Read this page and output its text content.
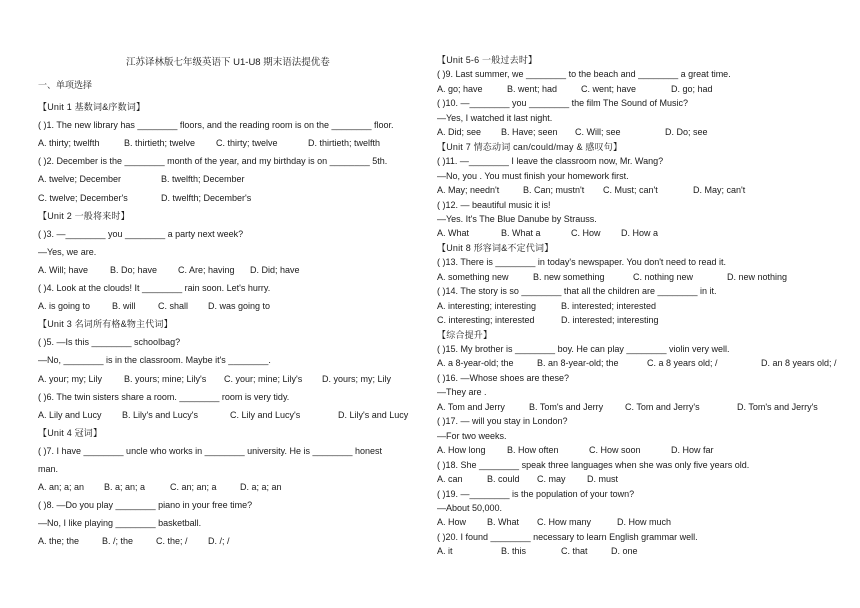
江苏译林版七年级英语下 U1-U8 期末语法提优卷
一、单项选择
【Unit 1 基数词&序数词】
( )1. The new library has ________ floors, and the reading room is on the ________ floor.
A. thirty; twelfth	B. thirtieth; twelve C. thirty; twelve	D. thirtieth; twelfth
( )2. December is the ________ month of the year, and my birthday is on ________ 5th.
A. twelve; December	B. twelfth; December
C. twelve; December's	D. twelfth; December's
【Unit 2 一般将来时】
( )3. —________ you ________ a party next week?
—Yes, we are.
A. Will; have B. Do; have C. Are; having D. Did; have
( )4. Look at the clouds! It ________ rain soon. Let's hurry.
A. is going to B. will C. shall D. was going to
【Unit 3 名词所有格&物主代词】
( )5. —Is this ________ schoolbag?
—No, ________ is in the classroom. Maybe it's ________.
A. your; my; Lily B. yours; mine; Lily's C. your; mine; Lily's D. yours; my; Lily
( )6. The twin sisters share a room. ________ room is very tidy.
A. Lily and Lucy B. Lily's and Lucy's	C. Lily and Lucy's	D. Lily's and Lucy
【Unit 4 冠词】
( )7. I have ________ uncle who works in ________ university. He is ________ honest
man.
A. an; a; an B. a; an; a	C. an; an; a	D. a; a; an
( )8. —Do you play ________ piano in your free time?
—No, I like playing ________ basketball.
A. the; the	B. /; the	C. the; / D. /; /
【Unit 5-6 一般过去时】
( )9. Last summer, we ________ to the beach and ________ a great time.
A. go; have	B. went; had	C. went; have	D. go; had
( )10. —________ you ________ the film The Sound of Music?
—Yes, I watched it last night.
A. Did; see B. Have; seen C. Will; see	D. Do; see
【Unit 7 情态动词 can/could/may & 感叹句】
( )11. —________ I leave the classroom now, Mr. Wang?
—No, you . You must finish your homework first.
A. May; needn't	B. Can; mustn't C. Must; can't	D. May; can't
( )12. — beautiful music it is!
—Yes. It's The Blue Danube by Strauss.
A. What	B. What a	C. How D. How a
【Unit 8 形容词&不定代词】
( )13. There is ________ in today's newspaper. You don't need to read it.
A. something new	B. new something	C. nothing new	D. new nothing
( )14. The story is so ________ that all the children are ________ in it.
A. interesting; interesting	B. interested; interested
C. interesting; interested	D. interested; interesting
【综合提升】
( )15. My brother is ________ boy. He can play ________ violin very well.
A. a 8-year-old; the	B. an 8-year-old; the	C. a 8 years old; /	D. an 8 years old; /
( )16. —Whose shoes are these?
—They are .
A. Tom and Jerry	B. Tom's and Jerry C. Tom and Jerry's	D. Tom's and Jerry's
( )17. — will you stay in London?
—For two weeks.
A. How long B. How often	C. How soon	D. How far
( )18. She ________ speak three languages when she was only five years old.
A. can	B. could C. may D. must
( )19. —________ is the population of your town?
—About 50,000.
A. How B. What C. How many	D. How much
( )20. I found ________ necessary to learn English grammar well.
A. it	B. this	C. that	D. one
